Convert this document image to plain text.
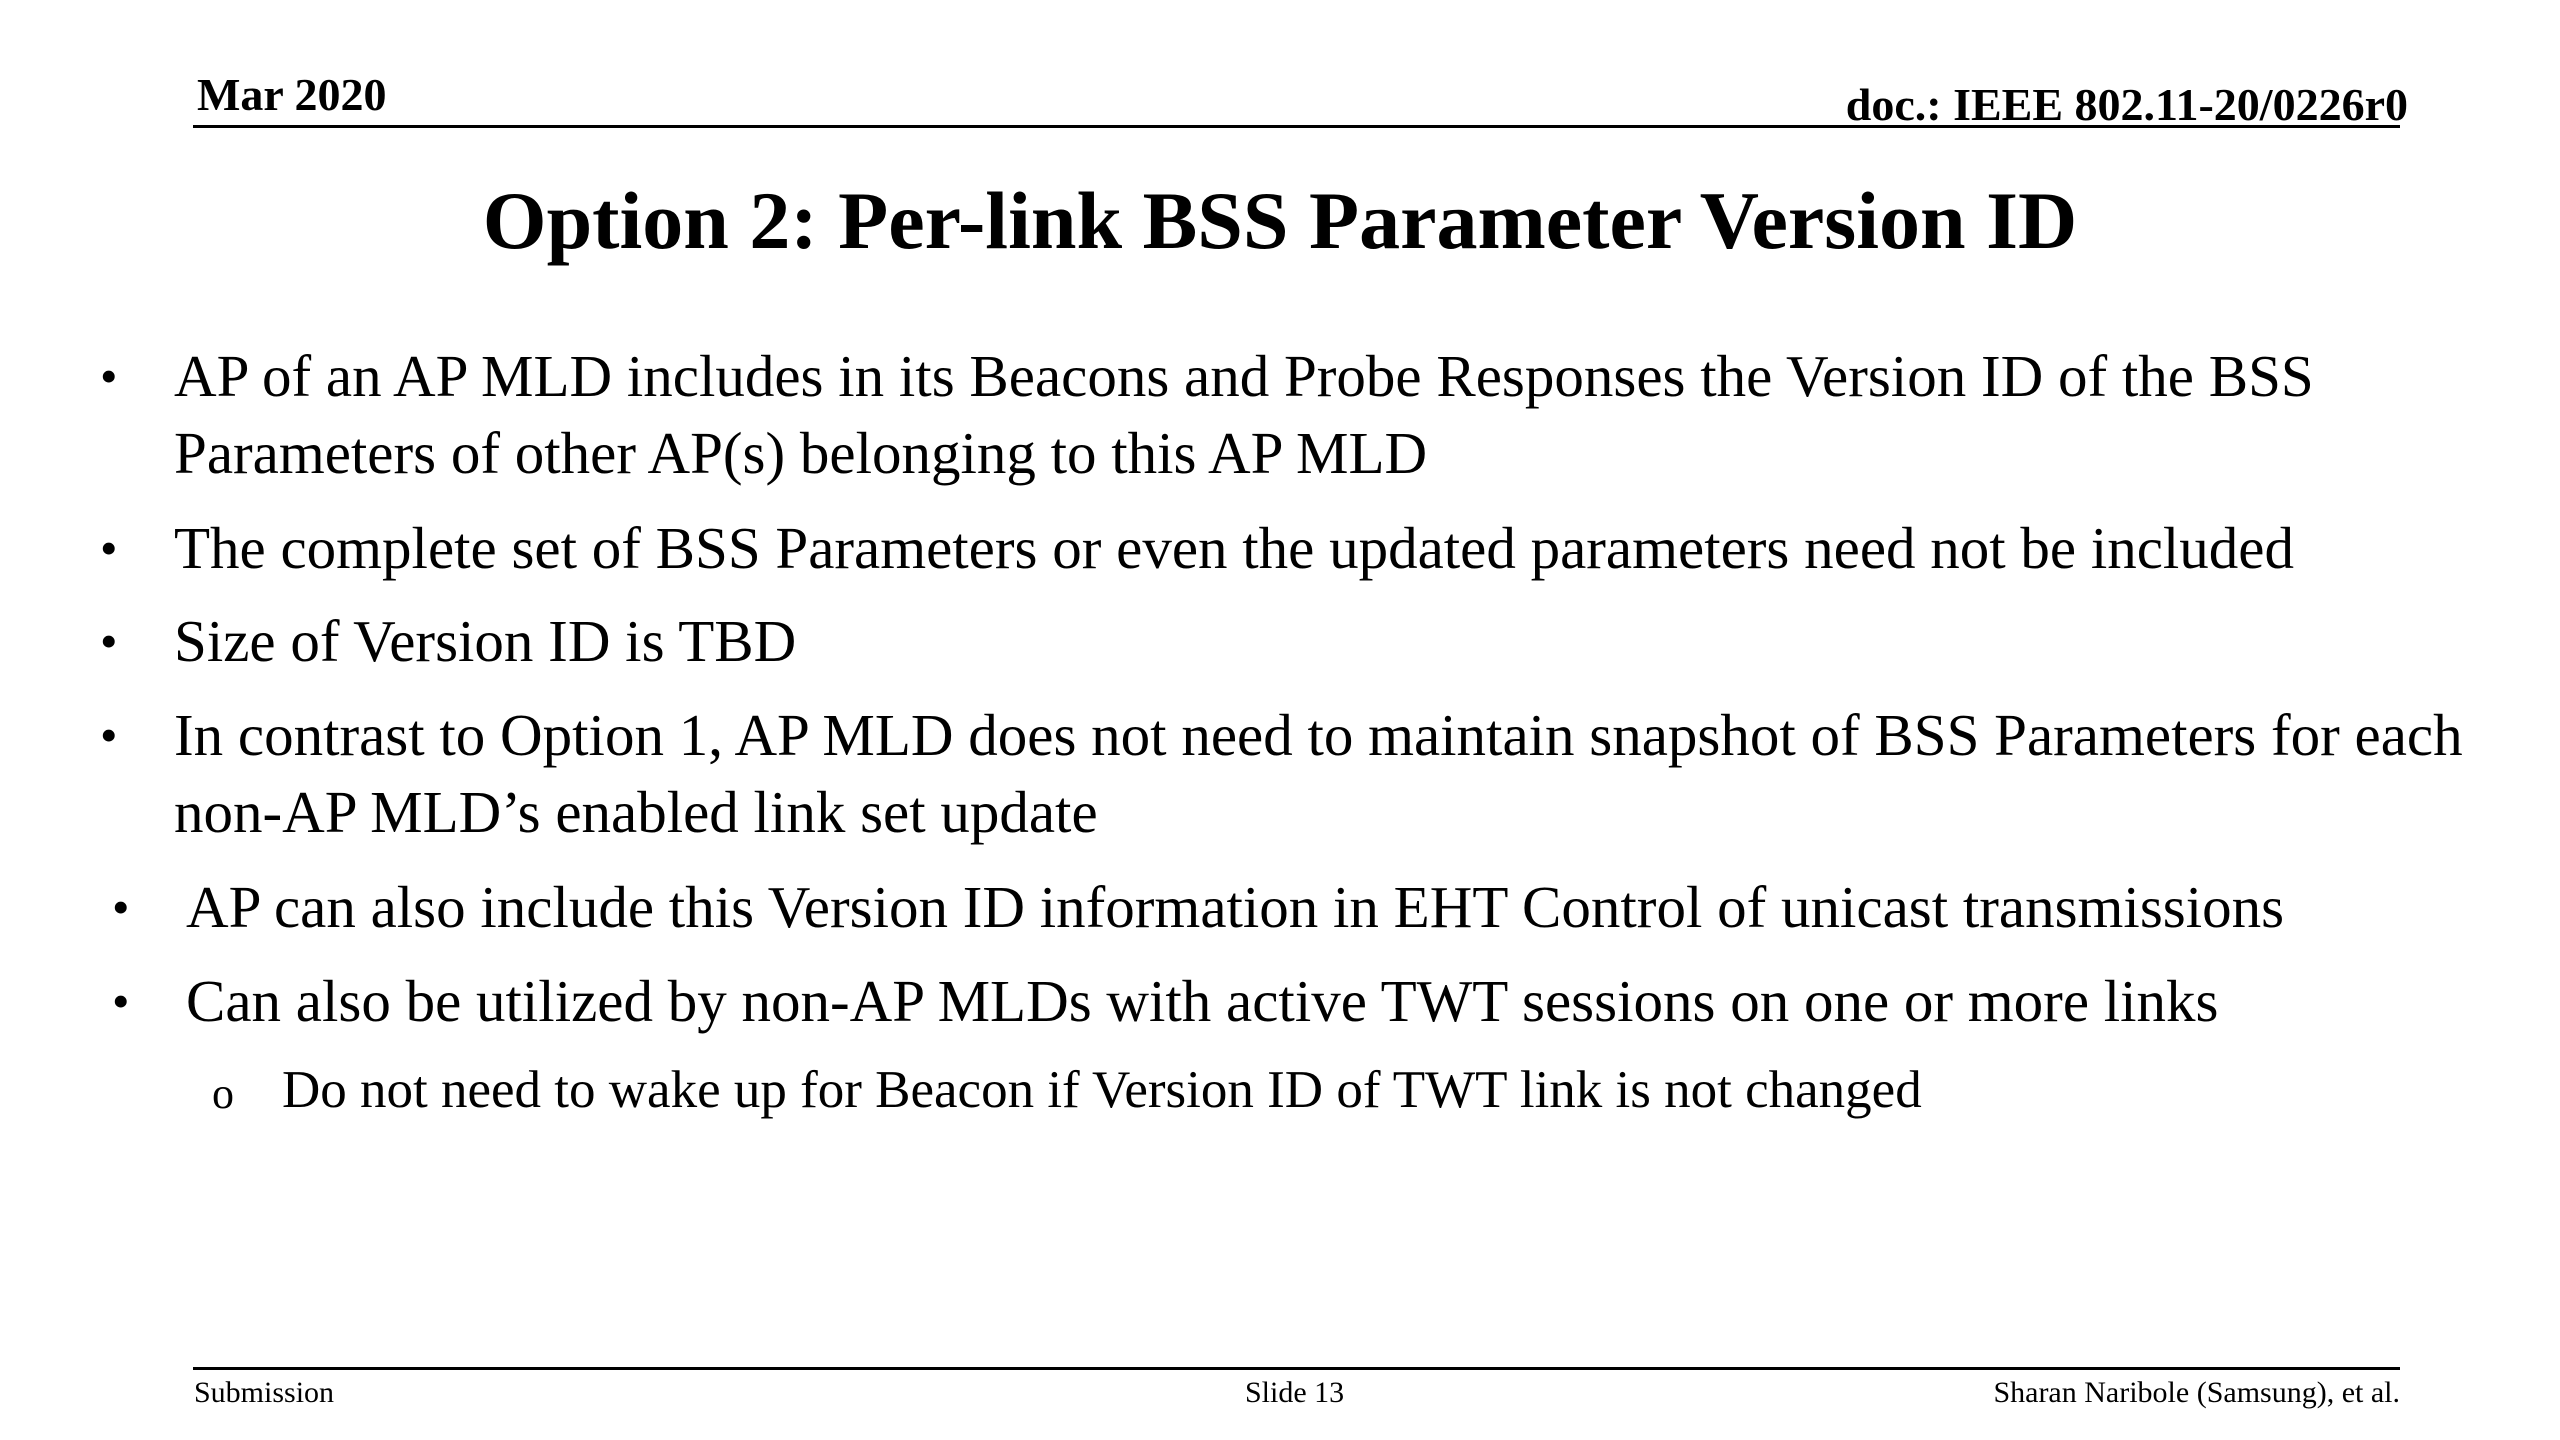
Mar 2020	doc.: IEEE 802.11-20/0226r0
Option 2: Per-link BSS Parameter Version ID
• AP of an AP MLD includes in its Beacons and Probe Responses the Version ID of the BSS Parameters of other AP(s) belonging to this AP MLD
• The complete set of BSS Parameters or even the updated parameters need not be included
• Size of Version ID is TBD
• In contrast to Option 1, AP MLD does not need to maintain snapshot of BSS Parameters for each non-AP MLD’s enabled link set update
• AP can also include this Version ID information in EHT Control of unicast transmissions
• Can also be utilized by non-AP MLDs with active TWT sessions on one or more links
o Do not need to wake up for Beacon if Version ID of TWT link is not changed
Submission	Slide 13	Sharan Naribole (Samsung), et al.
